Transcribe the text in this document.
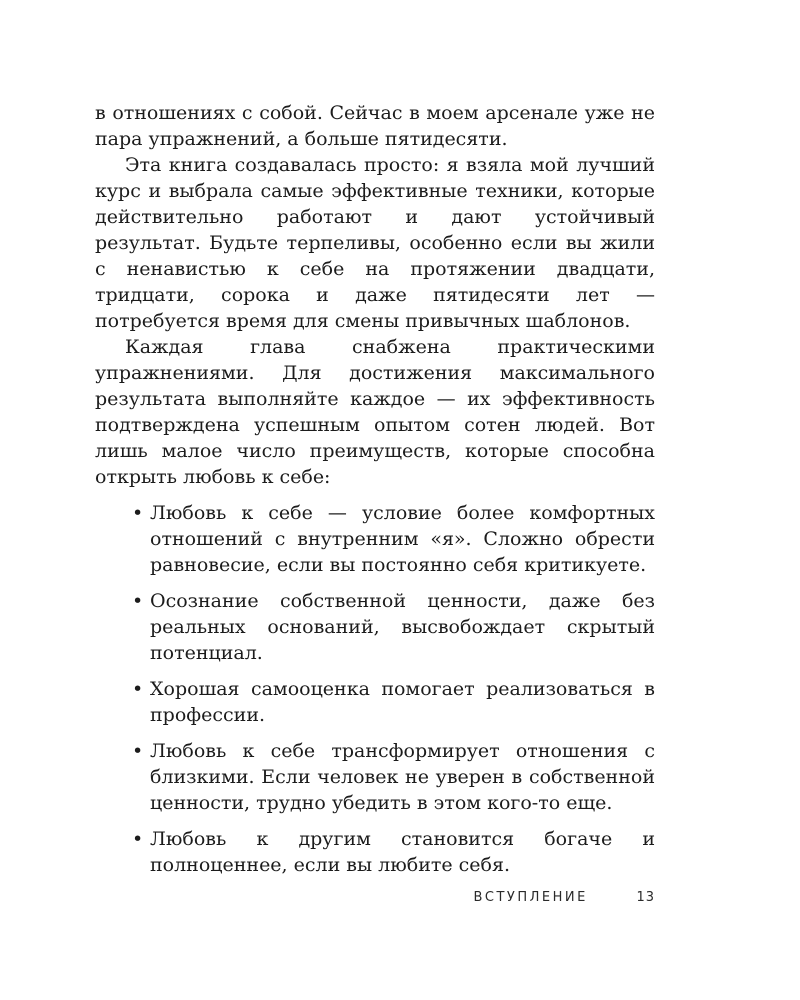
в отношениях с собой. Сейчас в моем арсенале уже не пара упражнений, а больше пятидесяти.

Эта книга создавалась просто: я взяла мой лучший курс и выбрала самые эффективные техники, которые действительно работают и дают устойчивый результат. Будьте терпеливы, особенно если вы жили с ненавистью к себе на протяжении двадцати, тридцати, сорока и даже пятидесяти лет — потребуется время для смены привычных шаблонов.

Каждая глава снабжена практическими упражнениями. Для достижения максимального результата выполняйте каждое — их эффективность подтверждена успешным опытом сотен людей. Вот лишь малое число преимуществ, которые способна открыть любовь к себе:

• Любовь к себе — условие более комфортных отношений с внутренним «я». Сложно обрести равновесие, если вы постоянно себя критикуете.
• Осознание собственной ценности, даже без реальных оснований, высвобождает скрытый потенциал.
• Хорошая самооценка помогает реализоваться в профессии.
• Любовь к себе трансформирует отношения с близкими. Если человек не уверен в собственной ценности, трудно убедить в этом кого-то еще.
• Любовь к другим становится богаче и полноценнее, если вы любите себя.
ВСТУПЛЕНИЕ	13
